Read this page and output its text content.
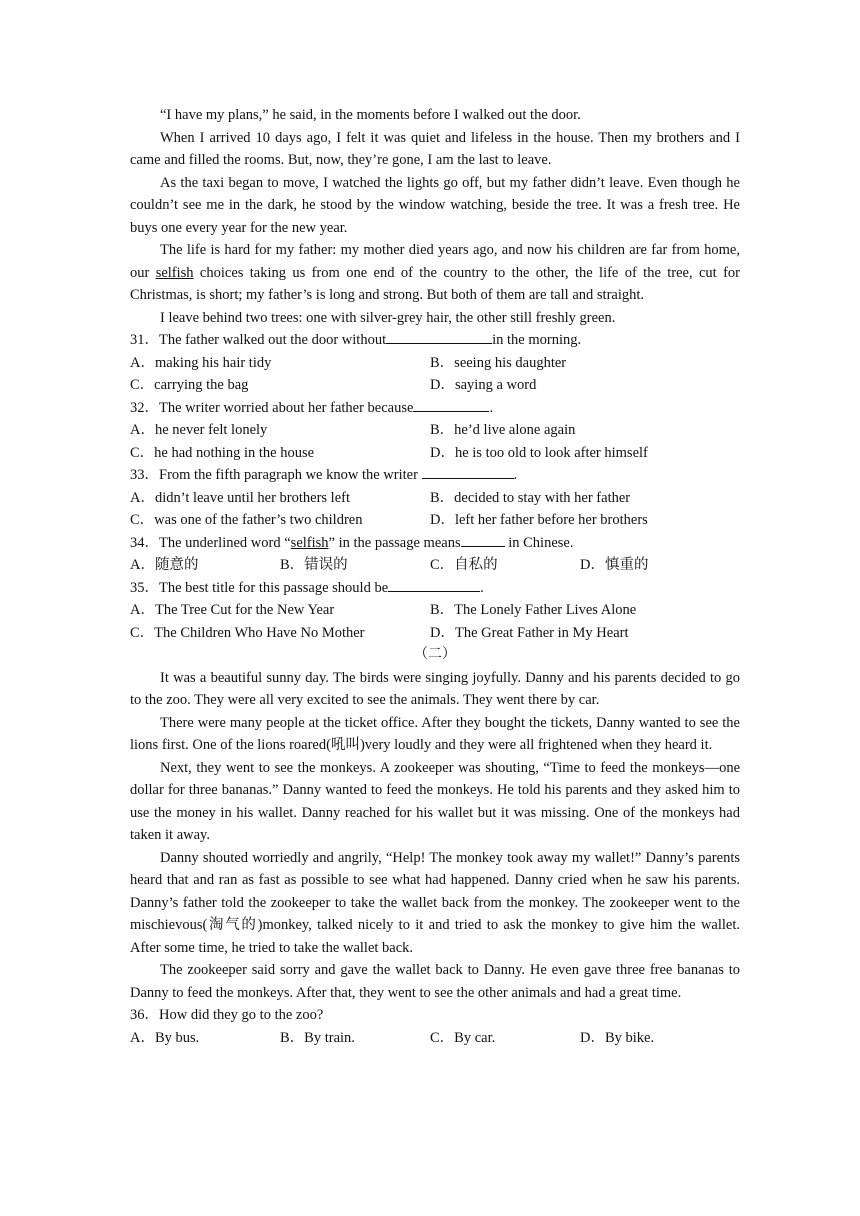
“I have my plans,” he said, in the moments before I walked out the door.

When I arrived 10 days ago, I felt it was quiet and lifeless in the house. Then my brothers and I came and filled the rooms. But, now, they’re gone, I am the last to leave.

As the taxi began to move, I watched the lights go off, but my father didn’t leave. Even though he couldn’t see me in the dark, he stood by the window watching, beside the tree. It was a fresh tree. He buys one every year for the new year.

The life is hard for my father: my mother died years ago, and now his children are far from home, our selfish choices taking us from one end of the country to the other, the life of the tree, cut for Christmas, is short; my father’s is long and strong. But both of them are tall and straight.

I leave behind two trees: one with silver-grey hair, the other still freshly green.

31．The father walked out the door without	in the morning.

A．making his hair tidy	B．seeing his daughter
C．carrying the bag	D．saying a word

32．The writer worried about her father because	.

A．he never felt lonely	B．he’d live alone again
C．he had nothing in the house	D．he is too old to look after himself

33．From the fifth paragraph we know the writer	.

A．didn’t leave until her brothers left	B．decided to stay with her father
C．was one of the father’s two children	D．left her father before her brothers

34．The underlined word “selfish” in the passage means	in Chinese.

A．随意的	B．错误的	C．自私的	D．慎重的

35．The best title for this passage should be	.

A．The Tree Cut for the New Year	B．The Lonely Father Lives Alone
C．The Children Who Have No Mother	D．The Great Father in My Heart

（二）

It was a beautiful sunny day. The birds were singing joyfully. Danny and his parents decided to go to the zoo. They were all very excited to see the animals. They went there by car.

There were many people at the ticket office. After they bought the tickets, Danny wanted to see the lions first. One of the lions roared(吼叫)very loudly and they were all frightened when they heard it.

Next, they went to see the monkeys. A zookeeper was shouting, “Time to feed the monkeys—one dollar for three bananas.” Danny wanted to feed the monkeys. He told his parents and they asked him to use the money in his wallet. Danny reached for his wallet but it was missing. One of the monkeys had taken it away.

Danny shouted worriedly and angrily, “Help! The monkey took away my wallet!” Danny’s parents heard that and ran as fast as possible to see what had happened. Danny cried when he saw his parents. Danny’s father told the zookeeper to take the wallet back from the monkey. The zookeeper went to the mischievous(淘气的)monkey, talked nicely to it and tried to ask the monkey to give him the wallet. After some time, he tried to take the wallet back.

The zookeeper said sorry and gave the wallet back to Danny. He even gave three free bananas to Danny to feed the monkeys. After that, they went to see the other animals and had a great time.

36．How did they go to the zoo?

A．By bus.	B．By train.	C．By car.	D．By bike.
